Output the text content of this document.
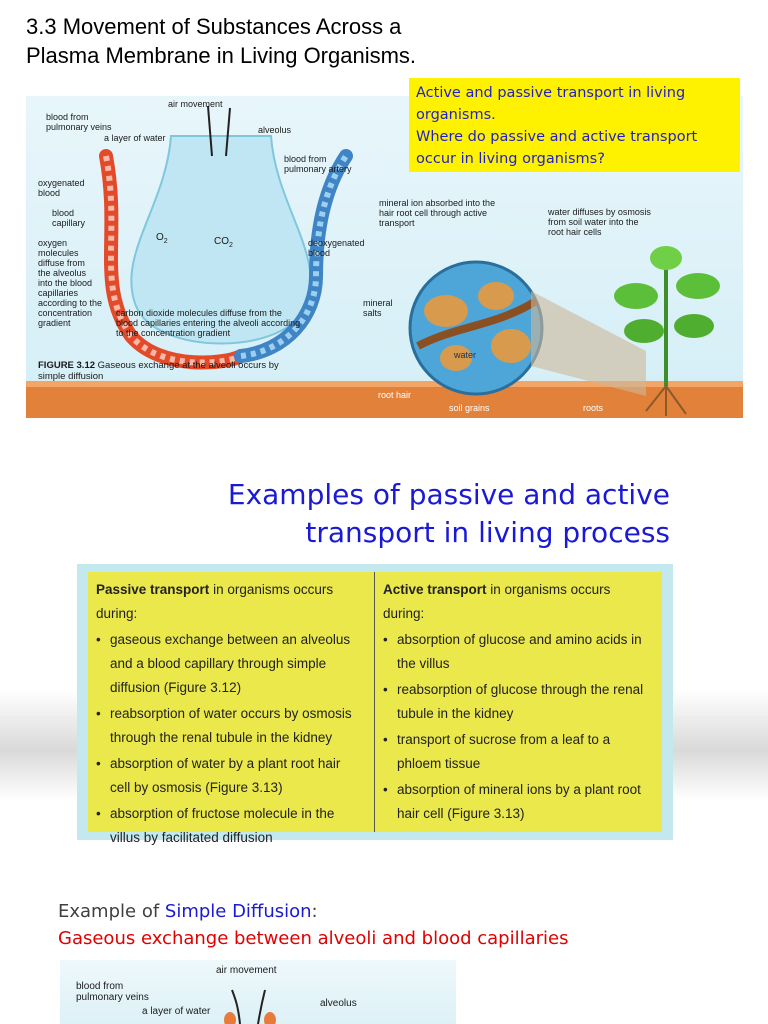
3.3 Movement of Substances Across a
Plasma Membrane in Living Organisms.
blood from
pulmonary veins
air movement
a layer of water
alveolus
blood from
pulmonary artery
oxygenated
blood
blood
capillary
oxygen
molecules
diffuse from
the alveolus
into the blood
capillaries
according to the
concentration
gradient
$O_2$	$CO_2$	deoxygenated
blood
carbon dioxide molecules diffuse from the
blood capillaries entering the alveoli according
to the concentration gradient
FIGURE 3.12 Gaseous exchange at the alveoli occurs by
simple diffusion
mineral ion absorbed into the
hair root cell through active
transport
water diffuses by osmosis
from soil water into the
root hair cells
mineral
salts
water
root hair
soil grains	roots
Active and passive transport in living
organisms.
Where do passive and active transport
occur in living organisms?
Examples of passive and active
transport in living process
Passive transport in organisms occurs during:
• gaseous exchange between an alveolus and a blood capillary through simple diffusion (Figure 3.12)
• reabsorption of water occurs by osmosis through the renal tubule in the kidney
• absorption of water by a plant root hair cell by osmosis (Figure 3.13)
• absorption of fructose molecule in the villus by facilitated diffusion
Active transport in organisms occurs during:
• absorption of glucose and amino acids in the villus
• reabsorption of glucose through the renal tubule in the kidney
• transport of sucrose from a leaf to a phloem tissue
• absorption of mineral ions by a plant root hair cell (Figure 3.13)
Example of Simple Diffusion:
Gaseous exchange between alveoli and blood capillaries
air movement
blood from
pulmonary veins
a layer of water
alveolus
